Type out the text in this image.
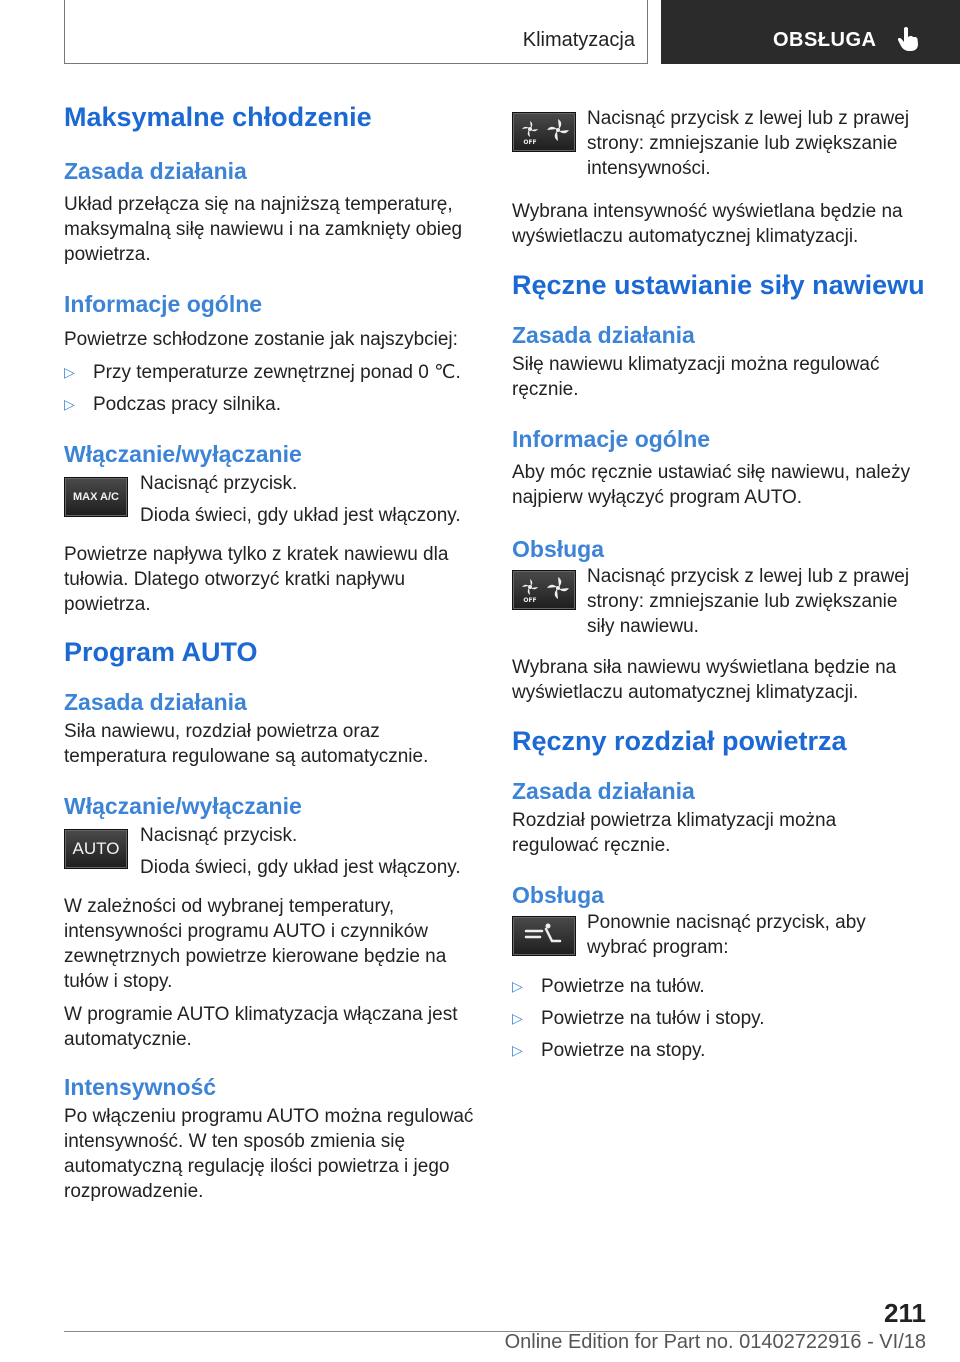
Klimatyzacja	OBSŁUGA
Maksymalne chłodzenie
Zasada działania

Układ przełącza się na najniższą temperaturę, maksymalną siłę nawiewu i na zamknięty obieg powietrza.

Informacje ogólne

Powietrze schłodzone zostanie jak najszybciej:

▷ Przy temperaturze zewnętrznej ponad 0 ℃.
▷ Podczas pracy silnika.
Włączanie/wyłączanie
MAX A/C

Nacisnąć przycisk.

Dioda świeci, gdy układ jest włączony.

Powietrze napływa tylko z kratek nawiewu dla tułowia. Dlatego otworzyć kratki napływu powietrza.

Program AUTO
Zasada działania

Siła nawiewu, rozdział powietrza oraz temperatura regulowane są automatycznie.

Włączanie/wyłączanie
AUTO

Nacisnąć przycisk.

Dioda świeci, gdy układ jest włączony.

W zależności od wybranej temperatury, intensywności programu AUTO i czynników zewnętrznych powietrze kierowane będzie na tułów i stopy.

W programie AUTO klimatyzacja włączana jest automatycznie.

Intensywność

Po włączeniu programu AUTO można regulować intensywność. W ten sposób zmienia się automatyczną regulację ilości powietrza i jego rozprowadzenie.

OFF

Nacisnąć przycisk z lewej lub z prawej strony: zmniejszanie lub zwiększanie intensywności.

Wybrana intensywność wyświetlana będzie na wyświetlaczu automatycznej klimatyzacji.

Ręczne ustawianie siły nawiewu
Zasada działania

Siłę nawiewu klimatyzacji można regulować ręcznie.

Informacje ogólne

Aby móc ręcznie ustawiać siłę nawiewu, należy najpierw wyłączyć program AUTO.

Obsługa
OFF

Nacisnąć przycisk z lewej lub z prawej strony: zmniejszanie lub zwiększanie siły nawiewu.

Wybrana siła nawiewu wyświetlana będzie na wyświetlaczu automatycznej klimatyzacji.

Ręczny rozdział powietrza
Zasada działania

Rozdział powietrza klimatyzacji można regulować ręcznie.

Obsługa

Ponownie nacisnąć przycisk, aby wybrać program:

▷ Powietrze na tułów.
▷ Powietrze na tułów i stopy.
▷ Powietrze na stopy.
211
Online Edition for Part no. 01402722916 - VI/18
